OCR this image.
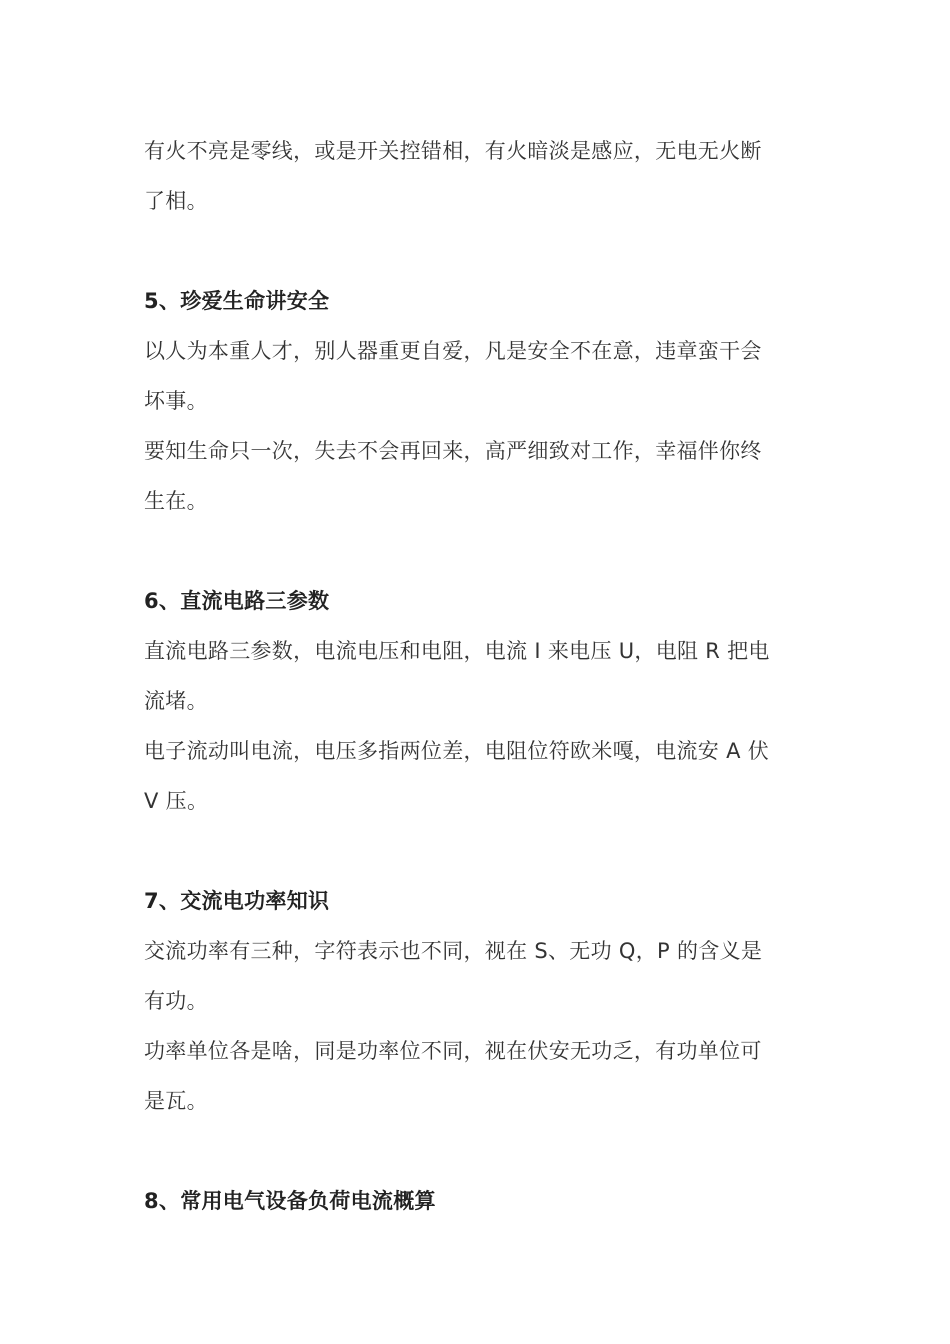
有火不亮是零线，或是开关控错相，有火暗淡是感应，无电无火断

了相。

5、珍爱生命讲安全

以人为本重人才，别人器重更自爱，凡是安全不在意，违章蛮干会

坏事。

要知生命只一次，失去不会再回来，高严细致对工作，幸福伴你终

生在。

6、直流电路三参数

直流电路三参数，电流电压和电阻，电流 I 来电压 U，电阻 R 把电

流堵。

电子流动叫电流，电压多指两位差，电阻位符欧米嘎，电流安 A 伏

V 压。

7、交流电功率知识

交流功率有三种，字符表示也不同，视在 S、无功 Q，P 的含义是

有功。

功率单位各是啥，同是功率位不同，视在伏安无功乏，有功单位可

是瓦。

8、常用电气设备负荷电流概算
